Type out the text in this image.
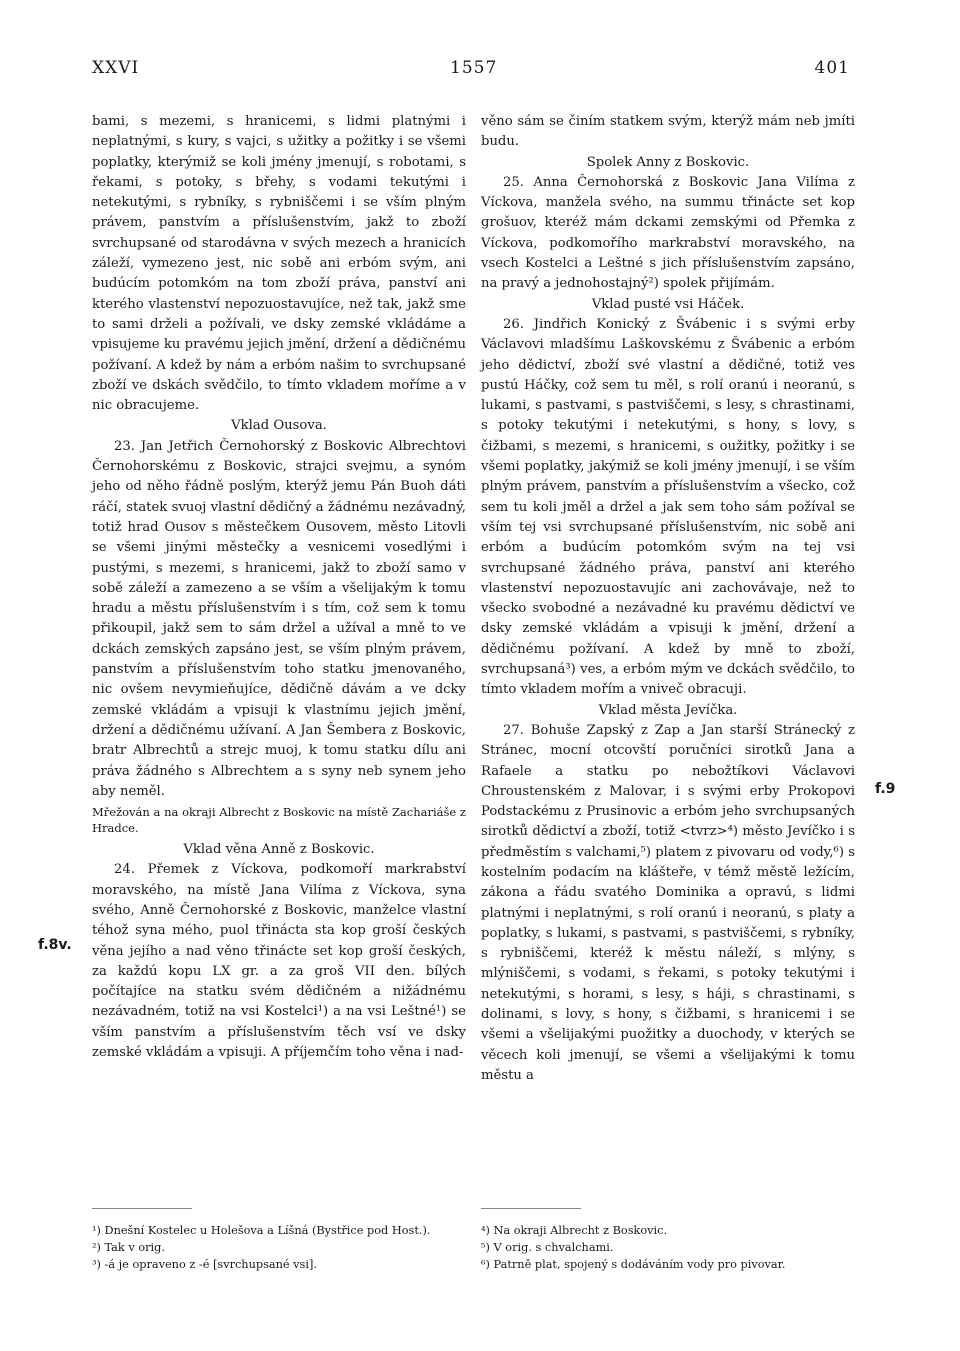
XXVI	1557	401

bami, s mezemi, s hranicemi, s lidmi platnými i neplatnými, s kury, s vajci, s užitky a požitky i se všemi poplatky, kterýmiž se koli jmény jmenují, s robotami, s řekami, s potoky, s břehy, s vodami tekutými i netekutými, s rybníky, s rybniščemi i se vším plným právem, panstvím a příslušenstvím, jakž to zboží svrchupsané od starodávna v svých mezech a hranicích záleží, vymezeno jest, nic sobě ani erbóm svým, ani budúcím potomkóm na tom zboží práva, panství ani kterého vlastenství nepozuostavujíce, než tak, jakž sme to sami drželi a požívali, ve dsky zemské vkládáme a vpisujeme ku pravému jejich jmění, držení a dědičnému požívaní. A kdež by nám a erbóm našim to svrchupsané zboží ve dskách svědčilo, to tímto vkladem moříme a v nic obracujeme.

Vklad Ousova.

23. Jan Jetřich Černohorský z Boskovic Albrechtovi Černohorskému z Boskovic, strajci svejmu, a synóm jeho od něho řádně poslým, kterýž jemu Pán Buoh dáti ráčí, statek svuoj vlastní dědičný a žádnému nezávadný, totiž hrad Ousov s městečkem Ousovem, město Litovli se všemi jinými městečky a vesnicemi vosedlými i pustými, s mezemi, s hranicemi, jakž to zboží samo v sobě záleží a zamezeno a se vším a všelijakým k tomu hradu a městu příslušenstvím i s tím, což sem k tomu přikoupil, jakž sem to sám držel a užíval a mně to ve dckách zemských zapsáno jest, se vším plným právem, panstvím a příslušenstvím toho statku jmenovaného, nic ovšem nevymieňujíce, dědičně dávám a ve dcky zemské vkládám a vpisuji k vlastnímu jejich jmění, držení a dědičnému užívaní. A Jan Šembera z Boskovic, bratr Albrechtů a strejc muoj, k tomu statku dílu ani práva žádného s Albrechtem a s syny neb synem jeho aby neměl.

Mřežován a na okraji Albrecht z Boskovic na místě Zachariáše z Hradce.

Vklad věna Anně z Boskovic.

24. Přemek z Víckova, podkomoří markrabství moravského, na místě Jana Vilíma z Víckova, syna svého, Anně Černohorské z Boskovic, manželce vlastní téhož syna mého, puol třinácta sta kop groší českých věna jejího a nad věno třinácte set kop groší českých, za každú kopu LX gr. a za groš VII den. bílých počítajíce na statku svém dědičném a nižádnému nezávadném, totiž na vsi Kostelci¹) a na vsi Leštné¹) se vším panstvím a příslušenstvím těch vsí ve dsky zemské vkládám a vpisuji. A příjemčím toho věna i nad-

věno sám se činím statkem svým, kterýž mám neb jmíti budu.

Spolek Anny z Boskovic.

25. Anna Černohorská z Boskovic Jana Vilíma z Víckova, manžela svého, na summu třinácte set kop grošuov, kteréž mám dckami zemskými od Přemka z Víckova, podkomořího markrabství moravského, na vsech Kostelci a Leštné s jich příslušenstvím zapsáno, na pravý a jednohostajný²) spolek přijímám.

Vklad pusté vsi Háček.

26. Jindřich Konický z Švábenic i s svými erby Václavovi mladšímu Laškovskému z Švábenic a erbóm jeho dědictví, zboží své vlastní a dědičné, totiž ves pustú Háčky, což sem tu měl, s rolí oranú i neoranú, s lukami, s pastvami, s pastviščemi, s lesy, s chrastinami, s potoky tekutými i netekutými, s hony, s lovy, s čižbami, s mezemi, s hranicemi, s oužitky, požitky i se všemi poplatky, jakýmiž se koli jmény jmenují, i se vším plným právem, panstvím a příslušenstvím a všecko, což sem tu koli jměl a držel a jak sem toho sám požíval se vším tej vsi svrchupsané příslušenstvím, nic sobě ani erbóm a budúcím potomkóm svým na tej vsi svrchupsané žádného práva, panství ani kterého vlastenství nepozuostavujíc ani zachovávaje, než to všecko svobodné a nezávadné ku pravému dědictví ve dsky zemské vkládám a vpisuji k jmění, držení a dědičnému požívaní. A kdež by mně to zboží, svrchupsaná³) ves, a erbóm mým ve dckách svědčilo, to tímto vkladem mořím a vniveč obracuji.

Vklad města Jevíčka.

27. Bohuše Zapský z Zap a Jan starší Stránecký z Stránec, mocní otcovští poručníci sirotků Jana a Rafaele a statku po nebožtíkovi Václavovi Chroustenském z Malovar, i s svými erby Prokopovi Podstackému z Prusinovic a erbóm jeho svrchupsaných sirotků dědictví a zboží, totiž <tvrz>⁴) město Jevíčko i s předměstím s valchami,⁵) platem z pivovaru od vody,⁶) s kostelním podacím na klášteře, v témž městě ležícím, zákona a řádu svatého Dominika a opravú, s lidmi platnými i neplatnými, s rolí oranú i neoranú, s platy a poplatky, s lukami, s pastvami, s pastviščemi, s rybníky, s rybniščemi, kteréž k městu náleží, s mlýny, s mlýniščemi, s vodami, s řekami, s potoky tekutými i netekutými, s horami, s lesy, s háji, s chrastinami, s dolinami, s lovy, s hony, s čižbami, s hranicemi i se všemi a všelijakými puožitky a duochody, v kterých se věcech koli jmenují, se všemi a všelijakými k tomu městu a

f.8v.
f.9

¹) Dnešní Kostelec u Holešova a Líšná (Bystřice pod Host.).

²) Tak v orig.

³) -á je opraveno z -é [svrchupsané vsi].

⁴) Na okraji Albrecht z Boskovic.

⁵) V orig. s chvalchami.

⁶) Patrně plat, spojený s dodáváním vody pro pivovar.
